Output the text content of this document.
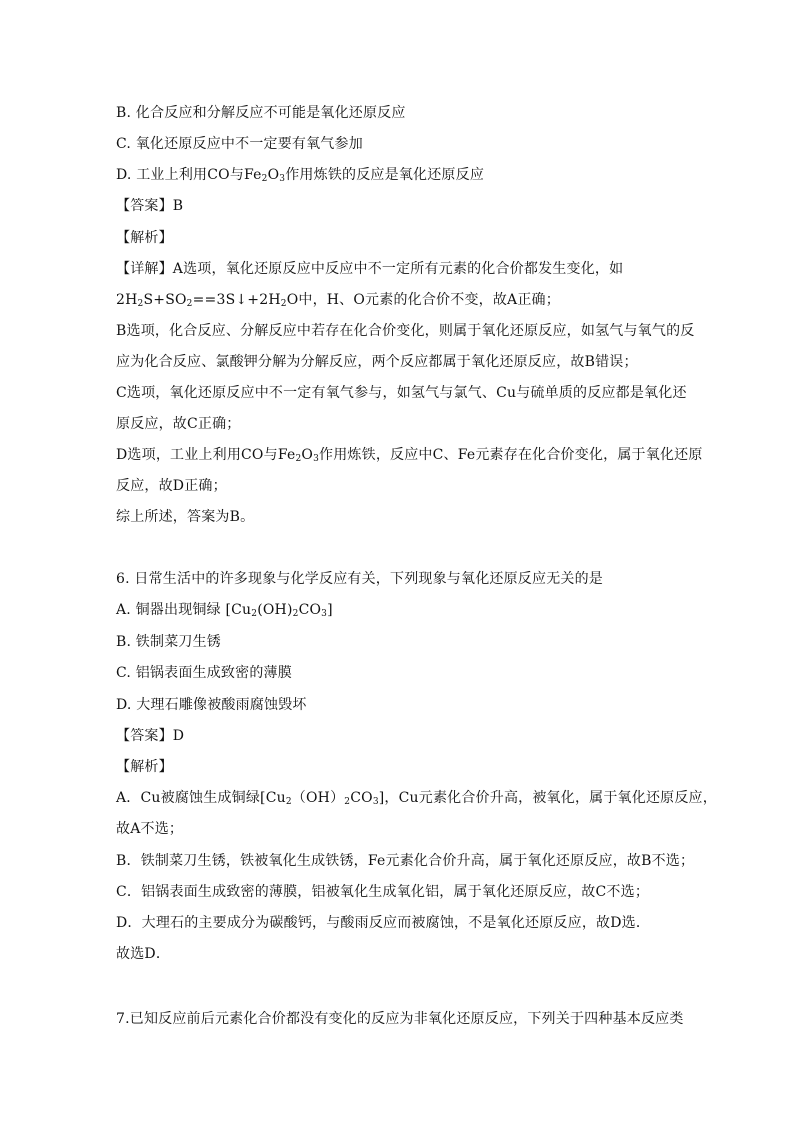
B. 化合反应和分解反应不可能是氧化还原反应
C. 氧化还原反应中不一定要有氧气参加
D. 工业上利用CO与$Fe_2O_3$作用炼铁的反应是氧化还原反应
【答案】B
【解析】
【详解】A选项，氧化还原反应中反应中不一定所有元素的化合价都发生变化，如
$2H_2S+SO_2==3S↓+2H_2O$中，H、O元素的化合价不变，故A正确；
B选项，化合反应、分解反应中若存在化合价变化，则属于氧化还原反应，如氢气与氧气的反
应为化合反应、氯酸钾分解为分解反应，两个反应都属于氧化还原反应，故B错误；
C选项，氧化还原反应中不一定有氧气参与，如氢气与氯气、Cu与硫单质的反应都是氧化还
原反应，故C正确；
D选项，工业上利用CO与$Fe_2O_3$作用炼铁，反应中C、Fe元素存在化合价变化，属于氧化还原
反应，故D正确；
综上所述，答案为B。
6. 日常生活中的许多现象与化学反应有关，下列现象与氧化还原反应无关的是
A. 铜器出现铜绿 $[Cu_2(OH)_2CO_3]$
B. 铁制菜刀生锈
C. 铝锅表面生成致密的薄膜
D. 大理石雕像被酸雨腐蚀毁坏
【答案】D
【解析】
A．Cu被腐蚀生成铜绿$[Cu_2(OH)_2CO_3]$，Cu元素化合价升高，被氧化，属于氧化还原反应，
故A不选；
B．铁制菜刀生锈，铁被氧化生成铁锈，Fe元素化合价升高，属于氧化还原反应，故B不选；
C．铝锅表面生成致密的薄膜，铝被氧化生成氧化铝，属于氧化还原反应，故C不选；
D．大理石的主要成分为碳酸钙，与酸雨反应而被腐蚀，不是氧化还原反应，故D选．
故选D．
7.已知反应前后元素化合价都没有变化的反应为非氧化还原反应，下列关于四种基本反应类
